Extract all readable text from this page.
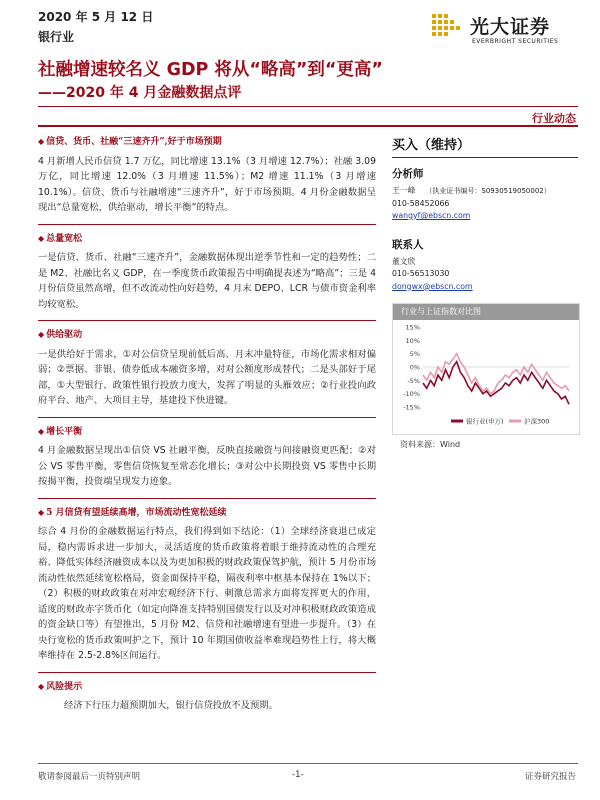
2020 年 5 月 12 日
银行业	光大证券
EVERBRIGHT SECURITIES
社融增速较名义 GDP 将从“略高”到“更高”
——2020 年 4 月金融数据点评
行业动态
◆ 信贷、货币、社融“三速齐升”,好于市场预期

4 月新增人民币信贷 1.7 万亿，同比增速 13.1%（3 月增速 12.7%）；社融 3.09 万亿，同比增速 12.0%（3 月增速 11.5%）；M2 增速 11.1%（3 月增速 10.1%）。信贷、货币与社融增速“三速齐升”，好于市场预期。4 月份金融数据呈现出“总量宽松，供给驱动，增长平衡”的特点。

◆ 总量宽松

一是信贷、货币、社融“三速齐升”，金融数据体现出逆季节性和一定的趋势性；二是 M2、社融比名义 GDP，在一季度货币政策报告中明确提表述为“略高”；三是 4 月份信贷虽然高增，但不改流动性向好趋势，4 月末 DEPO、LCR 与债市资金利率均较宽松。

◆ 供给驱动

一是供给好于需求，①对公信贷呈现前低后高、月末冲量特征，市场化需求相对偏弱；②票据、非银、债券低成本融资多增，对对公额度形成替代；二是头部好于尾部，①大型银行、政策性银行投放力度大，发挥了明显的头雁效应；②行业投向政府平台、地产、大项目主导，基建投下快进键。

◆ 增长平衡

4 月金融数据呈现出①信贷 VS 社融平衡，反映直接融资与间接融资更匹配；②对公 VS 零售平衡，零售信贷恢复至常态化增长；③对公中长期投资 VS 零售中长期按揭平衡，投资端呈现发力迹象。

◆ 5 月信贷有望延续高增，市场流动性宽松延续

综合 4 月份的金融数据运行特点，我们得到如下结论：（1）全球经济衰退已成定局，稳内需诉求进一步加大，灵活适度的货币政策将着眼于维持流动性的合理充裕、降低实体经济融资成本以及为更加积极的财政政策保驾护航，预计 5 月份市场流动性依然延续宽松格局，资金面保持平稳，隔夜利率中枢基本保持在 1%以下；（2）积极的财政政策在对冲宏观经济下行、刺激总需求方面将发挥更大的作用，适度的财政赤字货币化（如定向降准支持特别国债发行以及对冲积极财政政策造成的资金缺口等）有望推出，5 月份 M2、信贷和社融增速有望进一步提升。（3）在央行宽松的货币政策呵护之下，预计 10 年期国债收益率难现趋势性上行，将大概率维持在 2.5-2.8%区间运行。

◆ 风险提示

经济下行压力超预期加大，银行信贷投放不及预期。

买入（维持）
分析师
王一峰 （执业证书编号：S0930519050002）
010-58452066
wangyf@ebscn.com
联系人
董文欣
010-56513030
dongwx@ebscn.com
行业与上证指数对比图
15%
10%
5%
0%
-5%
-10%
-15%
银行业(申万)	沪深300
资料来源：Wind
敬请参阅最后一页特别声明	-1-	证券研究报告
